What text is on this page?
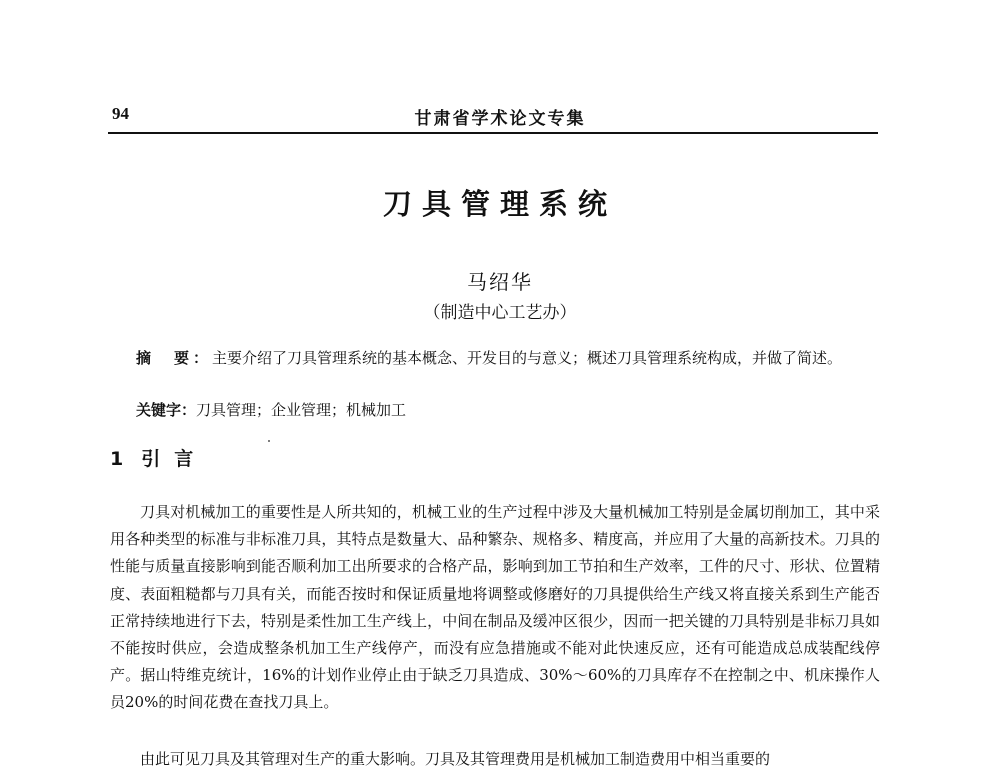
94	甘肃省学术论文专集
刀具管理系统
马绍华
（制造中心工艺办）
摘　要：主要介绍了刀具管理系统的基本概念、开发目的与意义；概述刀具管理系统构成，并做了简述。
关键字：刀具管理；企业管理；机械加工
1 引言

刀具对机械加工的重要性是人所共知的，机械工业的生产过程中涉及大量机械加工特别是金属切削加工，其中采用各种类型的标准与非标准刀具，其特点是数量大、品种繁杂、规格多、精度高，并应用了大量的高新技术。刀具的性能与质量直接影响到能否顺利加工出所要求的合格产品，影响到加工节拍和生产效率，工件的尺寸、形状、位置精度、表面粗糙都与刀具有关，而能否按时和保证质量地将调整或修磨好的刀具提供给生产线又将直接关系到生产能否正常持续地进行下去，特别是柔性加工生产线上，中间在制品及缓冲区很少，因而一把关键的刀具特别是非标刀具如不能按时供应，会造成整条机加工生产线停产，而没有应急措施或不能对此快速反应，还有可能造成总成装配线停产。据山特维克统计，16%的计划作业停止由于缺乏刀具造成、30%～60%的刀具库存不在控制之中、机床操作人员20%的时间花费在查找刀具上。

由此可见刀具及其管理对生产的重大影响。刀具及其管理费用是机械加工制造费用中相当重要的
